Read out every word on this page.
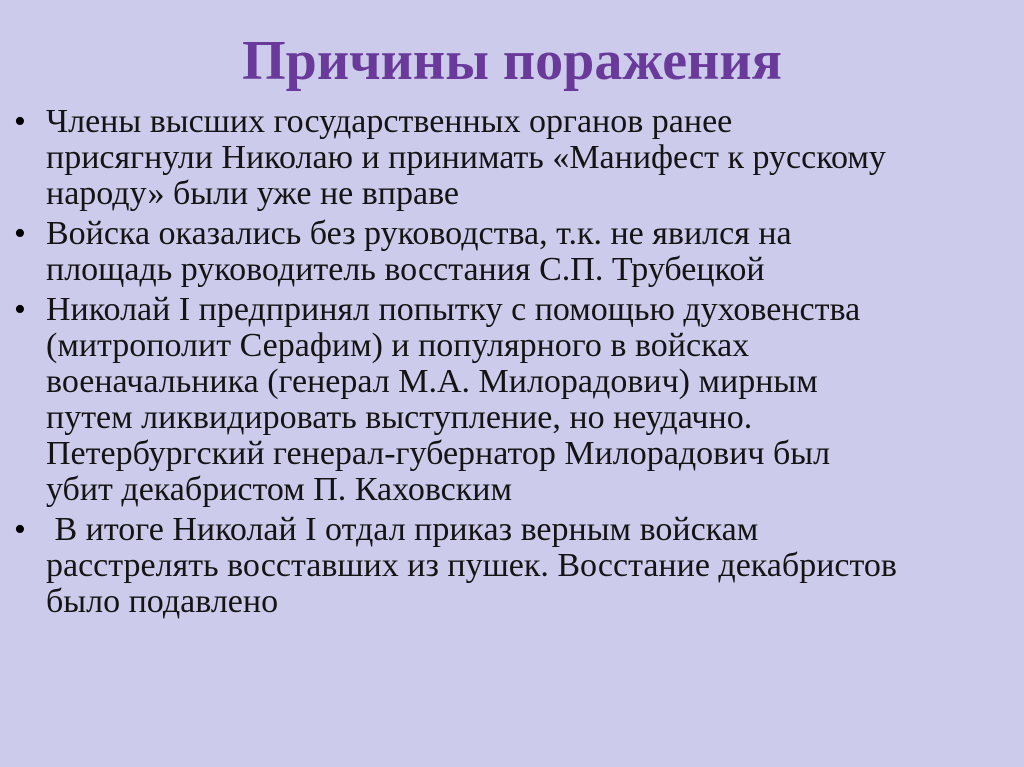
Причины поражения
• Члены высших государственных органов ранее
присягнули Николаю и принимать «Манифест к русскому
народу» были уже не вправе
• Войска оказались без руководства, т.к. не явился на
площадь руководитель восстания С.П. Трубецкой
• Николай I предпринял попытку с помощью духовенства
(митрополит Серафим) и популярного в войсках
военачальника (генерал М.А. Милорадович) мирным
путем ликвидировать выступление, но неудачно.
Петербургский генерал-губернатор Милорадович был
убит декабристом П. Каховским
• В итоге Николай I отдал приказ верным войскам
расстрелять восставших из пушек. Восстание декабристов
было подавлено
